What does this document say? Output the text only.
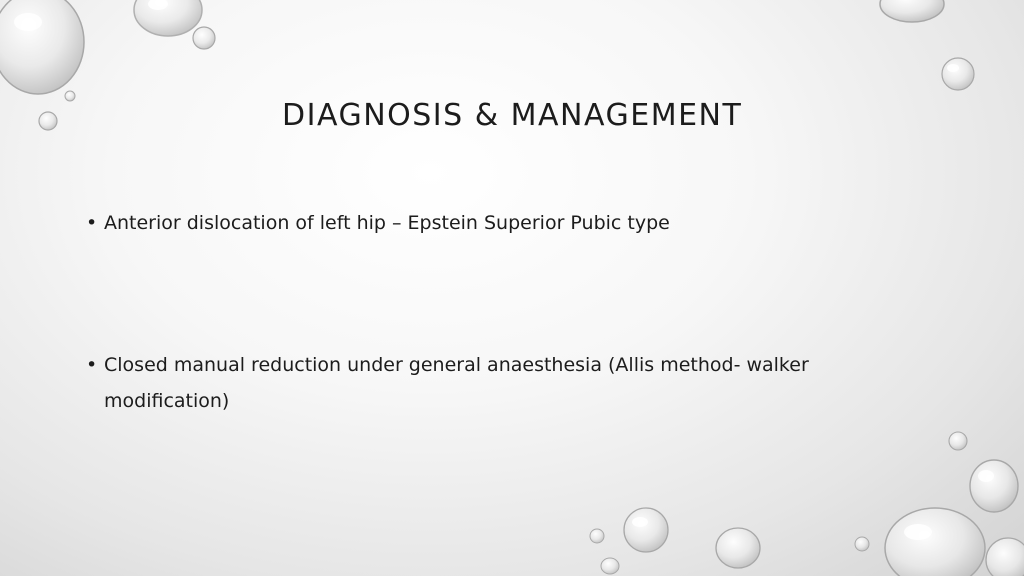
DIAGNOSIS & MANAGEMENT
• Anterior dislocation of left hip – Epstein Superior Pubic type
• Closed manual reduction under general anaesthesia (Allis method- walker modification)
